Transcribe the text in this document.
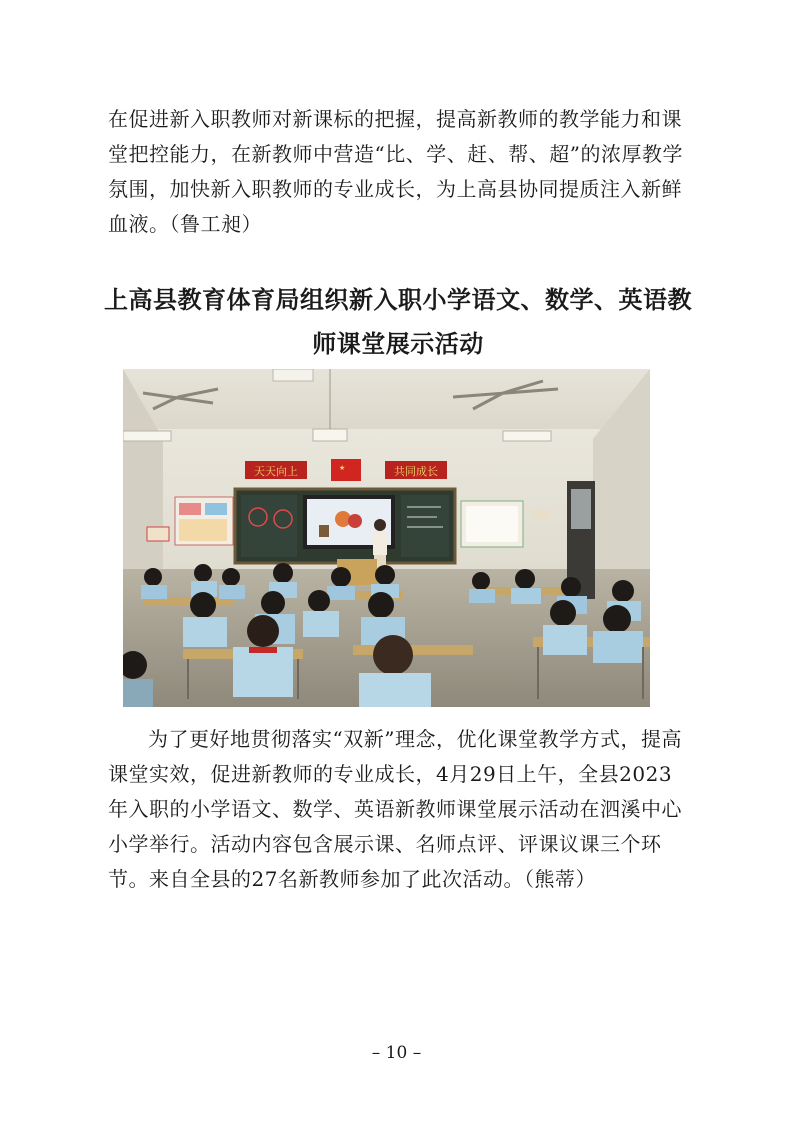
在促进新入职教师对新课标的把握，提高新教师的教学能力和课堂把控能力，在新教师中营造“比、学、赶、帮、超”的浓厚教学氛围，加快新入职教师的专业成长，为上高县协同提质注入新鲜血液。（鲁工昶）

上高县教育体育局组织新入职小学语文、数学、英语教师课堂展示活动
天天向上	★	共同成长

为了更好地贯彻落实“双新”理念，优化课堂教学方式，提高课堂实效，促进新教师的专业成长，4月29日上午，全县2023年入职的小学语文、数学、英语新教师课堂展示活动在泗溪中心小学举行。活动内容包含展示课、名师点评、评课议课三个环节。来自全县的27名新教师参加了此次活动。（熊蒂）

– 10 –
